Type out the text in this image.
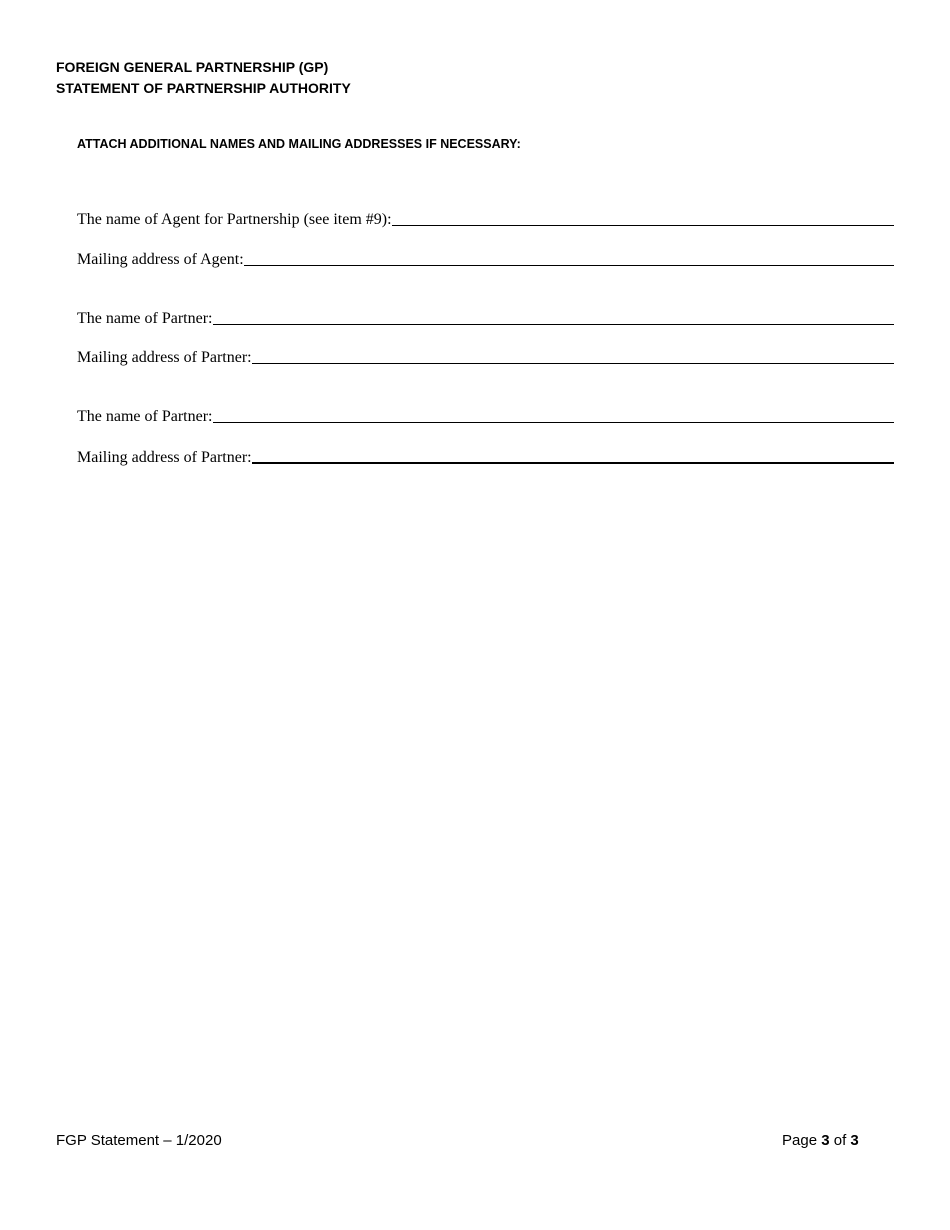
FOREIGN GENERAL PARTNERSHIP (GP)
STATEMENT OF PARTNERSHIP AUTHORITY
ATTACH ADDITIONAL NAMES AND MAILING ADDRESSES IF NECESSARY:
The name of Agent for Partnership (see item #9):
Mailing address of Agent:
The name of Partner:
Mailing address of Partner:
The name of Partner:
Mailing address of Partner:
FGP Statement – 1/2020	Page 3 of 3
